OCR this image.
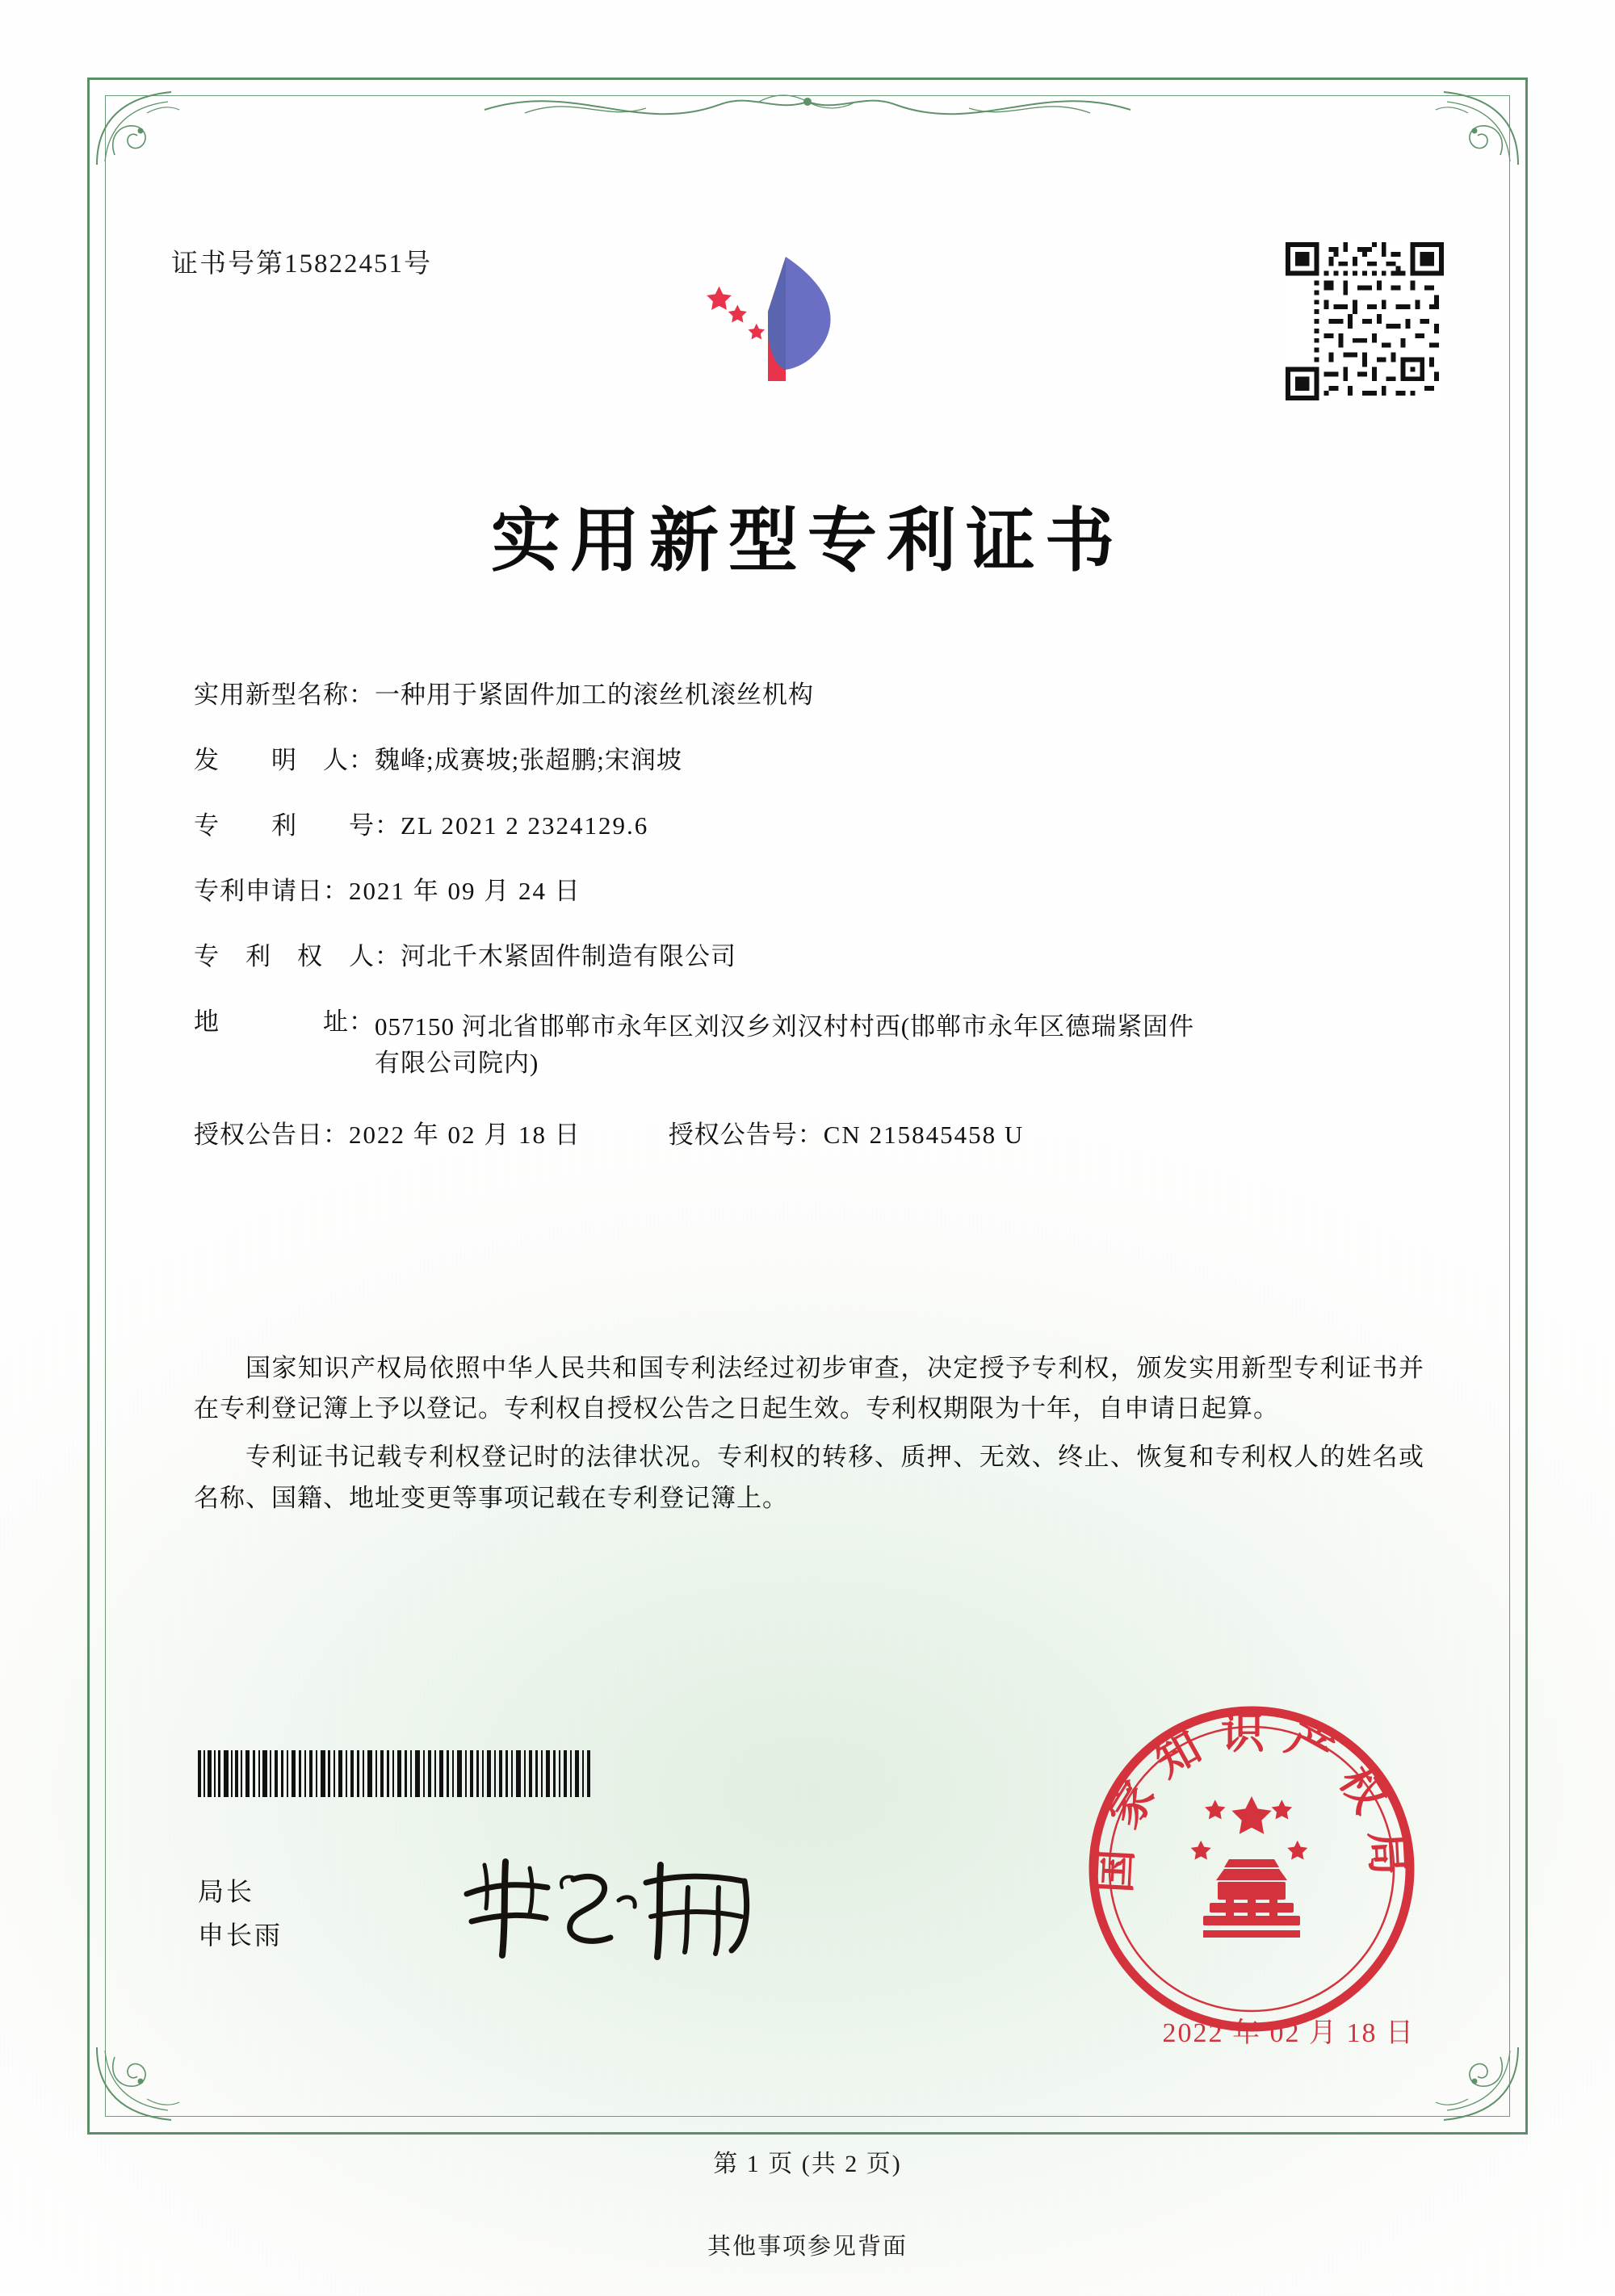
证书号第15822451号
实用新型专利证书
实用新型名称： 一种用于紧固件加工的滚丝机滚丝机构
发　　明　人： 魏峰;成赛坡;张超鹏;宋润坡
专　　利　　号： ZL 2021 2 2324129.6
专利申请日： 2021 年 09 月 24 日
专　利　权　人： 河北千木紧固件制造有限公司
地　　　　址： 057150 河北省邯郸市永年区刘汉乡刘汉村村西(邯郸市永年区德瑞紧固件有限公司院内)
授权公告日： 2022 年 02 月 18 日	授权公告号： CN 215845458 U

国家知识产权局依照中华人民共和国专利法经过初步审查，决定授予专利权，颁发实用新型专利证书并在专利登记簿上予以登记。专利权自授权公告之日起生效。专利权期限为十年，自申请日起算。

专利证书记载专利权登记时的法律状况。专利权的转移、质押、无效、终止、恢复和专利权人的姓名或名称、国籍、地址变更等事项记载在专利登记簿上。

局长
申长雨
国家知识产权局
2022 年 02 月 18 日
第 1 页 (共 2 页)
其他事项参见背面
